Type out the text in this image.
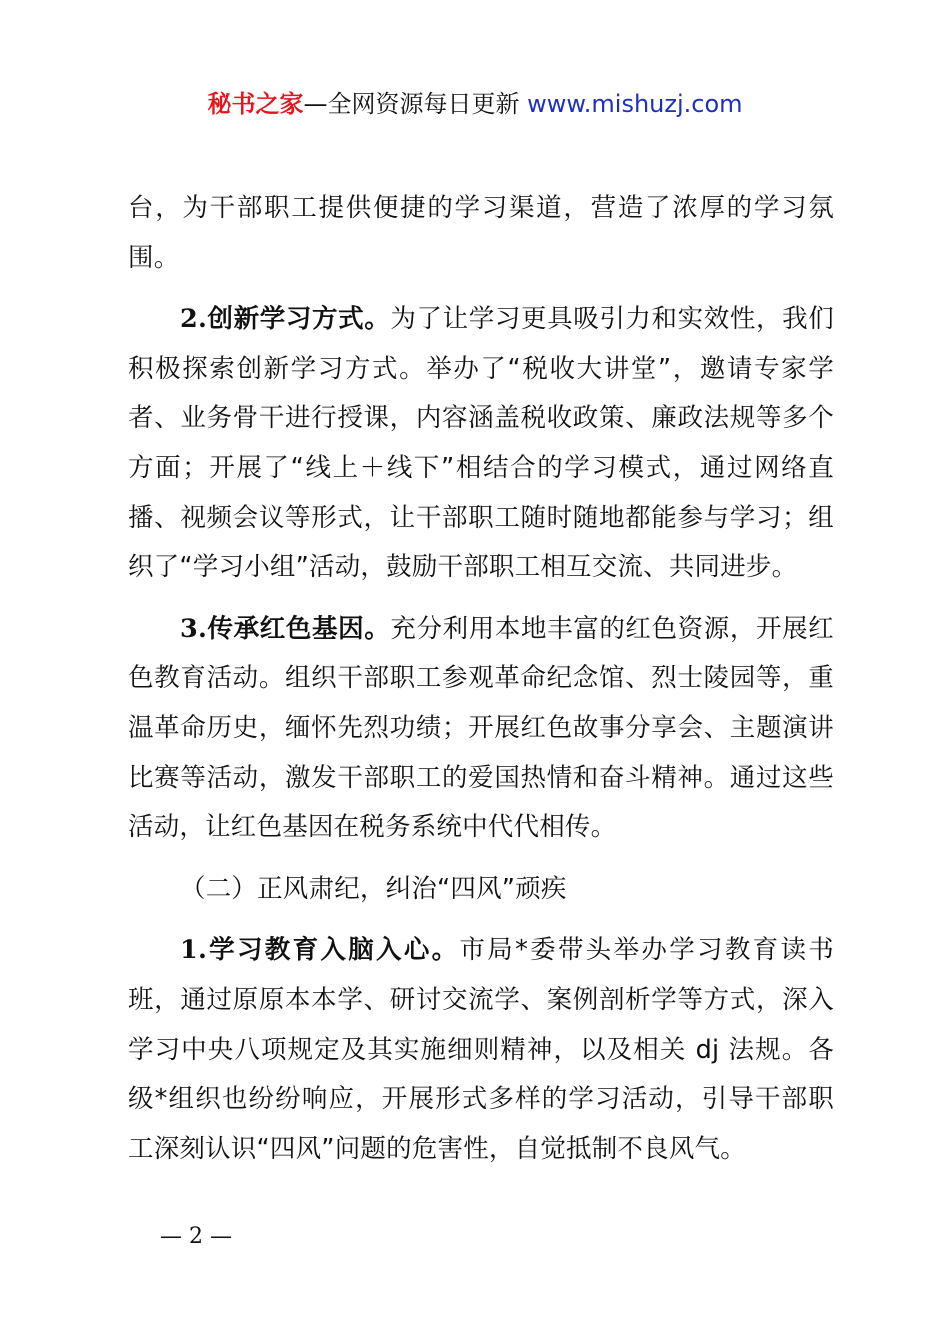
秘书之家—全网资源每日更新 www.mishuzj.com

台，为干部职工提供便捷的学习渠道，营造了浓厚的学习氛围。

2.创新学习方式。为了让学习更具吸引力和实效性，我们积极探索创新学习方式。举办了“税收大讲堂”，邀请专家学者、业务骨干进行授课，内容涵盖税收政策、廉政法规等多个方面；开展了“线上＋线下”相结合的学习模式，通过网络直播、视频会议等形式，让干部职工随时随地都能参与学习；组织了“学习小组”活动，鼓励干部职工相互交流、共同进步。

3.传承红色基因。充分利用本地丰富的红色资源，开展红色教育活动。组织干部职工参观革命纪念馆、烈士陵园等，重温革命历史，缅怀先烈功绩；开展红色故事分享会、主题演讲比赛等活动，激发干部职工的爱国热情和奋斗精神。通过这些活动，让红色基因在税务系统中代代相传。

（二）正风肃纪，纠治“四风”顽疾

1.学习教育入脑入心。市局*委带头举办学习教育读书班，通过原原本本学、研讨交流学、案例剖析学等方式，深入学习中央八项规定及其实施细则精神，以及相关 dj 法规。各级*组织也纷纷响应，开展形式多样的学习活动，引导干部职工深刻认识“四风”问题的危害性，自觉抵制不良风气。

— 2 —
